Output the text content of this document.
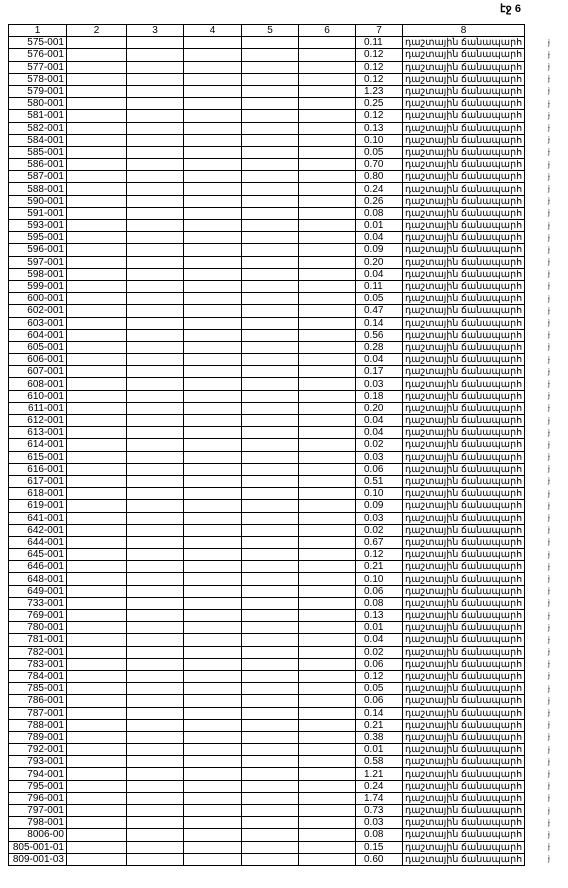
էջ 6
1	2	3	4	5	6	7	8
575-001						0.11	դաշտային ճանապարհ
576-001						0.12	դաշտային ճանապարհ
577-001						0.12	դաշտային ճանապարհ
578-001						0.12	դաշտային ճանապարհ
579-001						1.23	դաշտային ճանապարհ
580-001						0.25	դաշտային ճանապարհ
581-001						0.12	դաշտային ճանապարհ
582-001						0.13	դաշտային ճանապարհ
584-001						0.10	դաշտային ճանապարհ
585-001						0.05	դաշտային ճանապարհ
586-001						0.70	դաշտային ճանապարհ
587-001						0.80	դաշտային ճանապարհ
588-001						0.24	դաշտային ճանապարհ
590-001						0.26	դաշտային ճանապարհ
591-001						0.08	դաշտային ճանապարհ
593-001						0.01	դաշտային ճանապարհ
595-001						0.04	դաշտային ճանապարհ
596-001						0.09	դաշտային ճանապարհ
597-001						0.20	դաշտային ճանապարհ
598-001						0.04	դաշտային ճանապարհ
599-001						0.11	դաշտային ճանապարհ
600-001						0.05	դաշտային ճանապարհ
602-001						0.47	դաշտային ճանապարհ
603-001						0.14	դաշտային ճանապարհ
604-001						0.56	դաշտային ճանապարհ
605-001						0.28	դաշտային ճանապարհ
606-001						0.04	դաշտային ճանապարհ
607-001						0.17	դաշտային ճանապարհ
608-001						0.03	դաշտային ճանապարհ
610-001						0.18	դաշտային ճանապարհ
611-001						0.20	դաշտային ճանապարհ
612-001						0.04	դաշտային ճանապարհ
613-001						0.04	դաշտային ճանապարհ
614-001						0.02	դաշտային ճանապարհ
615-001						0.03	դաշտային ճանապարհ
616-001						0.06	դաշտային ճանապարհ
617-001						0.51	դաշտային ճանապարհ
618-001						0.10	դաշտային ճանապարհ
619-001						0.09	դաշտային ճանապարհ
641-001						0.03	դաշտային ճանապարհ
642-001						0.02	դաշտային ճանապարհ
644-001						0.67	դաշտային ճանապարհ
645-001						0.12	դաշտային ճանապարհ
646-001						0.21	դաշտային ճանապարհ
648-001						0.10	դաշտային ճանապարհ
649-001						0.06	դաշտային ճանապարհ
733-001						0.08	դաշտային ճանապարհ
769-001						0.13	դաշտային ճանապարհ
780-001						0.01	դաշտային ճանապարհ
781-001						0.04	դաշտային ճանապարհ
782-001						0.02	դաշտային ճանապարհ
783-001						0.06	դաշտային ճանապարհ
784-001						0.12	դաշտային ճանապարհ
785-001						0.05	դաշտային ճանապարհ
786-001						0.06	դաշտային ճանապարհ
787-001						0.14	դաշտային ճանապարհ
788-001						0.21	դաշտային ճանապարհ
789-001						0.38	դաշտային ճանապարհ
792-001						0.01	դաշտային ճանապարհ
793-001						0.58	դաշտային ճանապարհ
794-001						1.21	դաշտային ճանապարհ
795-001						0.24	դաշտային ճանապարհ
796-001						1.74	դաշտային ճանապարհ
797-001						0.73	դաշտային ճանապարհ
798-001						0.03	դաշտային ճանապարհ
8006-00						0.08	դաշտային ճանապարհ
805-001-01						0.15	դաշտային ճանապարհ
809-001-03						0.60	դաշտային ճանապարհ
ɉ
ɉ
ɉ
ɉ
ɉ
ɉ
ɉ
ɉ
ɉ
ɉ
ɉ
ɉ
ɉ
ɉ
ɉ
ɉ
ɉ
ɉ
ɉ
ɉ
ɉ
ɉ
ɉ
ɉ
ɉ
ɉ
ɉ
ɉ
ɉ
ɉ
ɉ
ɉ
ɉ
ɉ
ɉ
ɉ
ɉ
ɉ
ɉ
ɉ
ɉ
ɉ
ɉ
ɉ
ɉ
ɉ
ɉ
ɉ
ɉ
ɉ
ɉ
ɉ
ɉ
ɉ
ɉ
ɉ
ɉ
ɉ
ɉ
ɉ
ɉ
ɉ
ɉ
ɉ
ɉ
ɉ
ɉ
ɉ
